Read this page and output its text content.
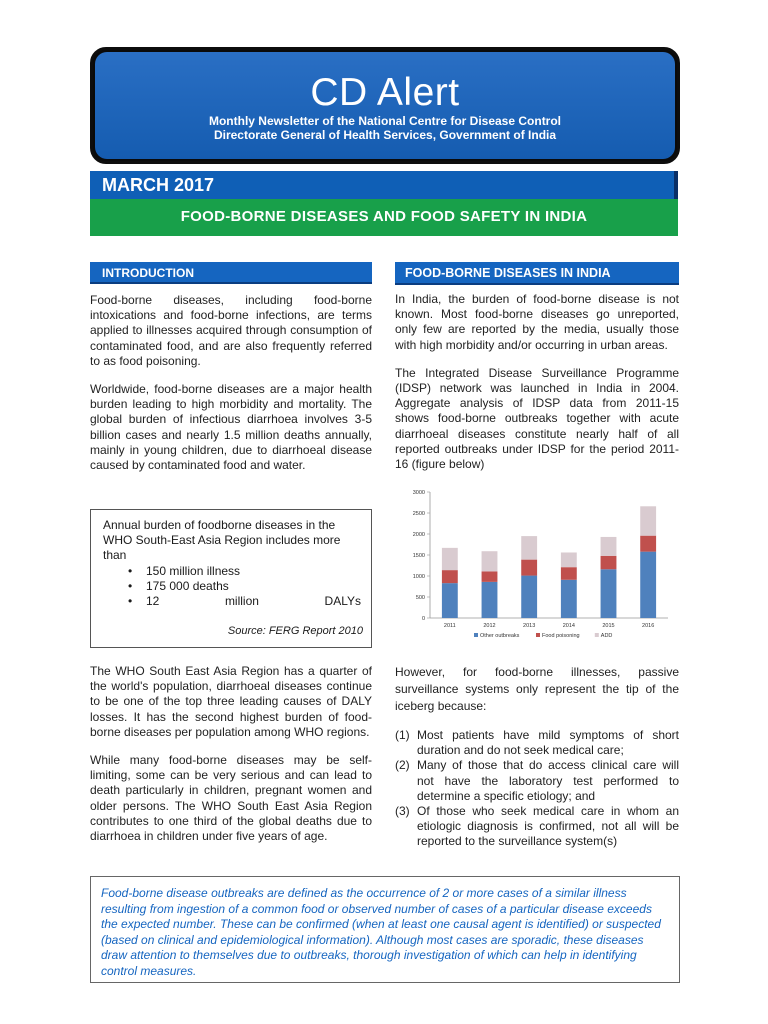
CD Alert
Monthly Newsletter of the National Centre for Disease Control
Directorate General of Health Services, Government of India
MARCH 2017
FOOD-BORNE DISEASES AND FOOD SAFETY IN INDIA
INTRODUCTION

Food-borne diseases, including food-borne intoxications and food-borne infections, are terms applied to illnesses acquired through consumption of contaminated food, and are also frequently referred to as food poisoning.

Worldwide, food-borne diseases are a major health burden leading to high morbidity and mortality. The global burden of infectious diarrhoea involves 3-5 billion cases and nearly 1.5 million deaths annually, mainly in young children, due to diarrhoeal disease caused by contaminated food and water.

Annual burden of foodborne diseases in the WHO South-East Asia Region includes more than
•	150 million illness
•	175 000 deaths
•	12 million DALYs
Source: FERG Report 2010

The WHO South East Asia Region has a quarter of the world's population, diarrhoeal diseases continue to be one of the top three leading causes of DALY losses. It has the second highest burden of food-borne diseases per population among WHO regions.

While many food-borne diseases may be self-limiting, some can be very serious and can lead to death particularly in children, pregnant women and older persons. The WHO South East Asia Region contributes to one third of the global deaths due to diarrhoea in children under five years of age.

FOOD-BORNE DISEASES IN INDIA

In India, the burden of food-borne disease is not known. Most food-borne diseases go unreported, only few are reported by the media, usually those with high morbidity and/or occurring in urban areas.

The Integrated Disease Surveillance Programme (IDSP) network was launched in India in 2004. Aggregate analysis of IDSP data from 2011-15 shows food-borne outbreaks together with acute diarrhoeal diseases constitute nearly half of all reported outbreaks under IDSP for the period 2011-16 (figure below)

0
500
1000
1500
2000
2500
3000
2011	2012	2013	2014	2015	2016
Other outbreaks	Food poisoning	ADD

However, for food-borne illnesses, passive surveillance systems only represent the tip of the iceberg because:

(1) Most patients have mild symptoms of short duration and do not seek medical care;
(2) Many of those that do access clinical care will not have the laboratory test performed to determine a specific etiology; and
(3) Of those who seek medical care in whom an etiologic diagnosis is confirmed, not all will be reported to the surveillance system(s)

Food-borne disease outbreaks are defined as the occurrence of 2 or more cases of a similar illness resulting from ingestion of a common food or observed number of cases of a particular disease exceeds the expected number. These can be confirmed (when at least one causal agent is identified) or suspected (based on clinical and epidemiological information). Although most cases are sporadic, these diseases draw attention to themselves due to outbreaks, thorough investigation of which can help in identifying control measures.
